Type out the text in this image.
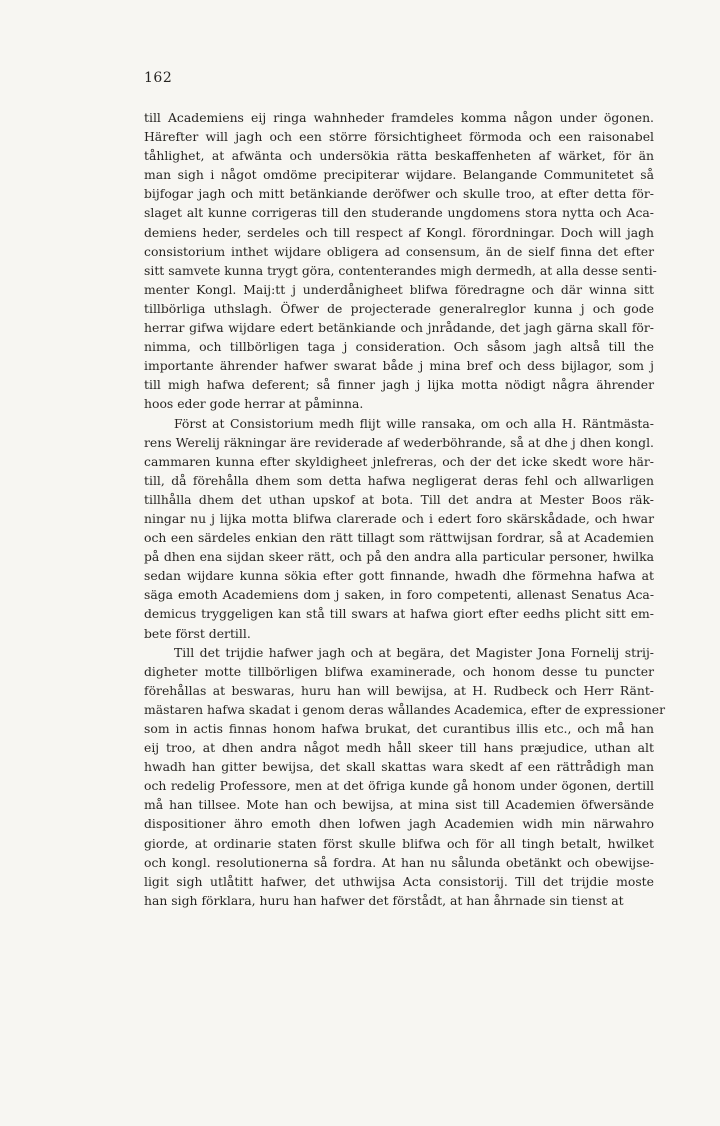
162
till Academiens eij ringa wahnheder framdeles komma någon under ögonen.
Härefter will jagh och een större försichtigheet förmoda och een raisonabel
tåhlighet, at afwänta och undersökia rätta beskaffenheten af wärket, för än
man sigh i något omdöme precipiterar wijdare. Belangande Communitetet så
bijfogar jagh och mitt betänkiande deröfwer och skulle troo, at efter detta för-
slaget alt kunne corrigeras till den studerande ungdomens stora nytta och Aca-
demiens heder, serdeles och till respect af Kongl. förordningar. Doch will jagh
consistorium inthet wijdare obligera ad consensum, än de sielf finna det efter
sitt samvete kunna trygt göra, contenterandes migh dermedh, at alla desse senti-
menter Kongl. Maij:tt j underdånigheet blifwa föredragne och där winna sitt
tillbörliga uthslagh. Öfwer de projecterade generalreglor kunna j och gode
herrar gifwa wijdare edert betänkiande och jnrådande, det jagh gärna skall för-
nimma, och tillbörligen taga j consideration. Och såsom jagh altså till the
importante ährender hafwer swarat både j mina bref och dess bijlagor, som j
till migh hafwa deferent; så finner jagh j lijka motta nödigt några ährender
hoos eder gode herrar at påminna.
Först at Consistorium medh flijt wille ransaka, om och alla H. Räntmästa-
rens Werelij räkningar äre reviderade af wederböhrande, så at dhe j dhen kongl.
cammaren kunna efter skyldigheet jnlefreras, och der det icke skedt wore här-
till, då förehålla dhem som detta hafwa negligerat deras fehl och allwarligen
tillhålla dhem det uthan upskof at bota. Till det andra at Mester Boos räk-
ningar nu j lijka motta blifwa clarerade och i edert foro skärskådade, och hwar
och een särdeles enkian den rätt tillagt som rättwijsan fordrar, så at Academien
på dhen ena sijdan skeer rätt, och på den andra alla particular personer, hwilka
sedan wijdare kunna sökia efter gott finnande, hwadh dhe förmehna hafwa at
säga emoth Academiens dom j saken, in foro competenti, allenast Senatus Aca-
demicus tryggeligen kan stå till swars at hafwa giort efter eedhs plicht sitt em-
bete först dertill.
Till det trijdie hafwer jagh och at begära, det Magister Jona Fornelij strij-
digheter motte tillbörligen blifwa examinerade, och honom desse tu puncter
förehållas at beswaras, huru han will bewijsa, at H. Rudbeck och Herr Ränt-
mästaren hafwa skadat i genom deras wållandes Academica, efter de expressioner
som in actis finnas honom hafwa brukat, det curantibus illis etc., och må han
eij troo, at dhen andra något medh håll skeer till hans præjudice, uthan alt
hwadh han gitter bewijsa, det skall skattas wara skedt af een rättrådigh man
och redelig Professore, men at det öfriga kunde gå honom under ögonen, dertill
må han tillsee. Mote han och bewijsa, at mina sist till Academien öfwersände
dispositioner ähro emoth dhen lofwen jagh Academien widh min närwahro
giorde, at ordinarie staten först skulle blifwa och för all tingh betalt, hwilket
och kongl. resolutionerna så fordra. At han nu sålunda obetänkt och obewijse-
ligit sigh utlåtitt hafwer, det uthwijsa Acta consistorij. Till det trijdie moste
han sigh förklara, huru han hafwer det förstådt, at han åhrnade sin tienst at
